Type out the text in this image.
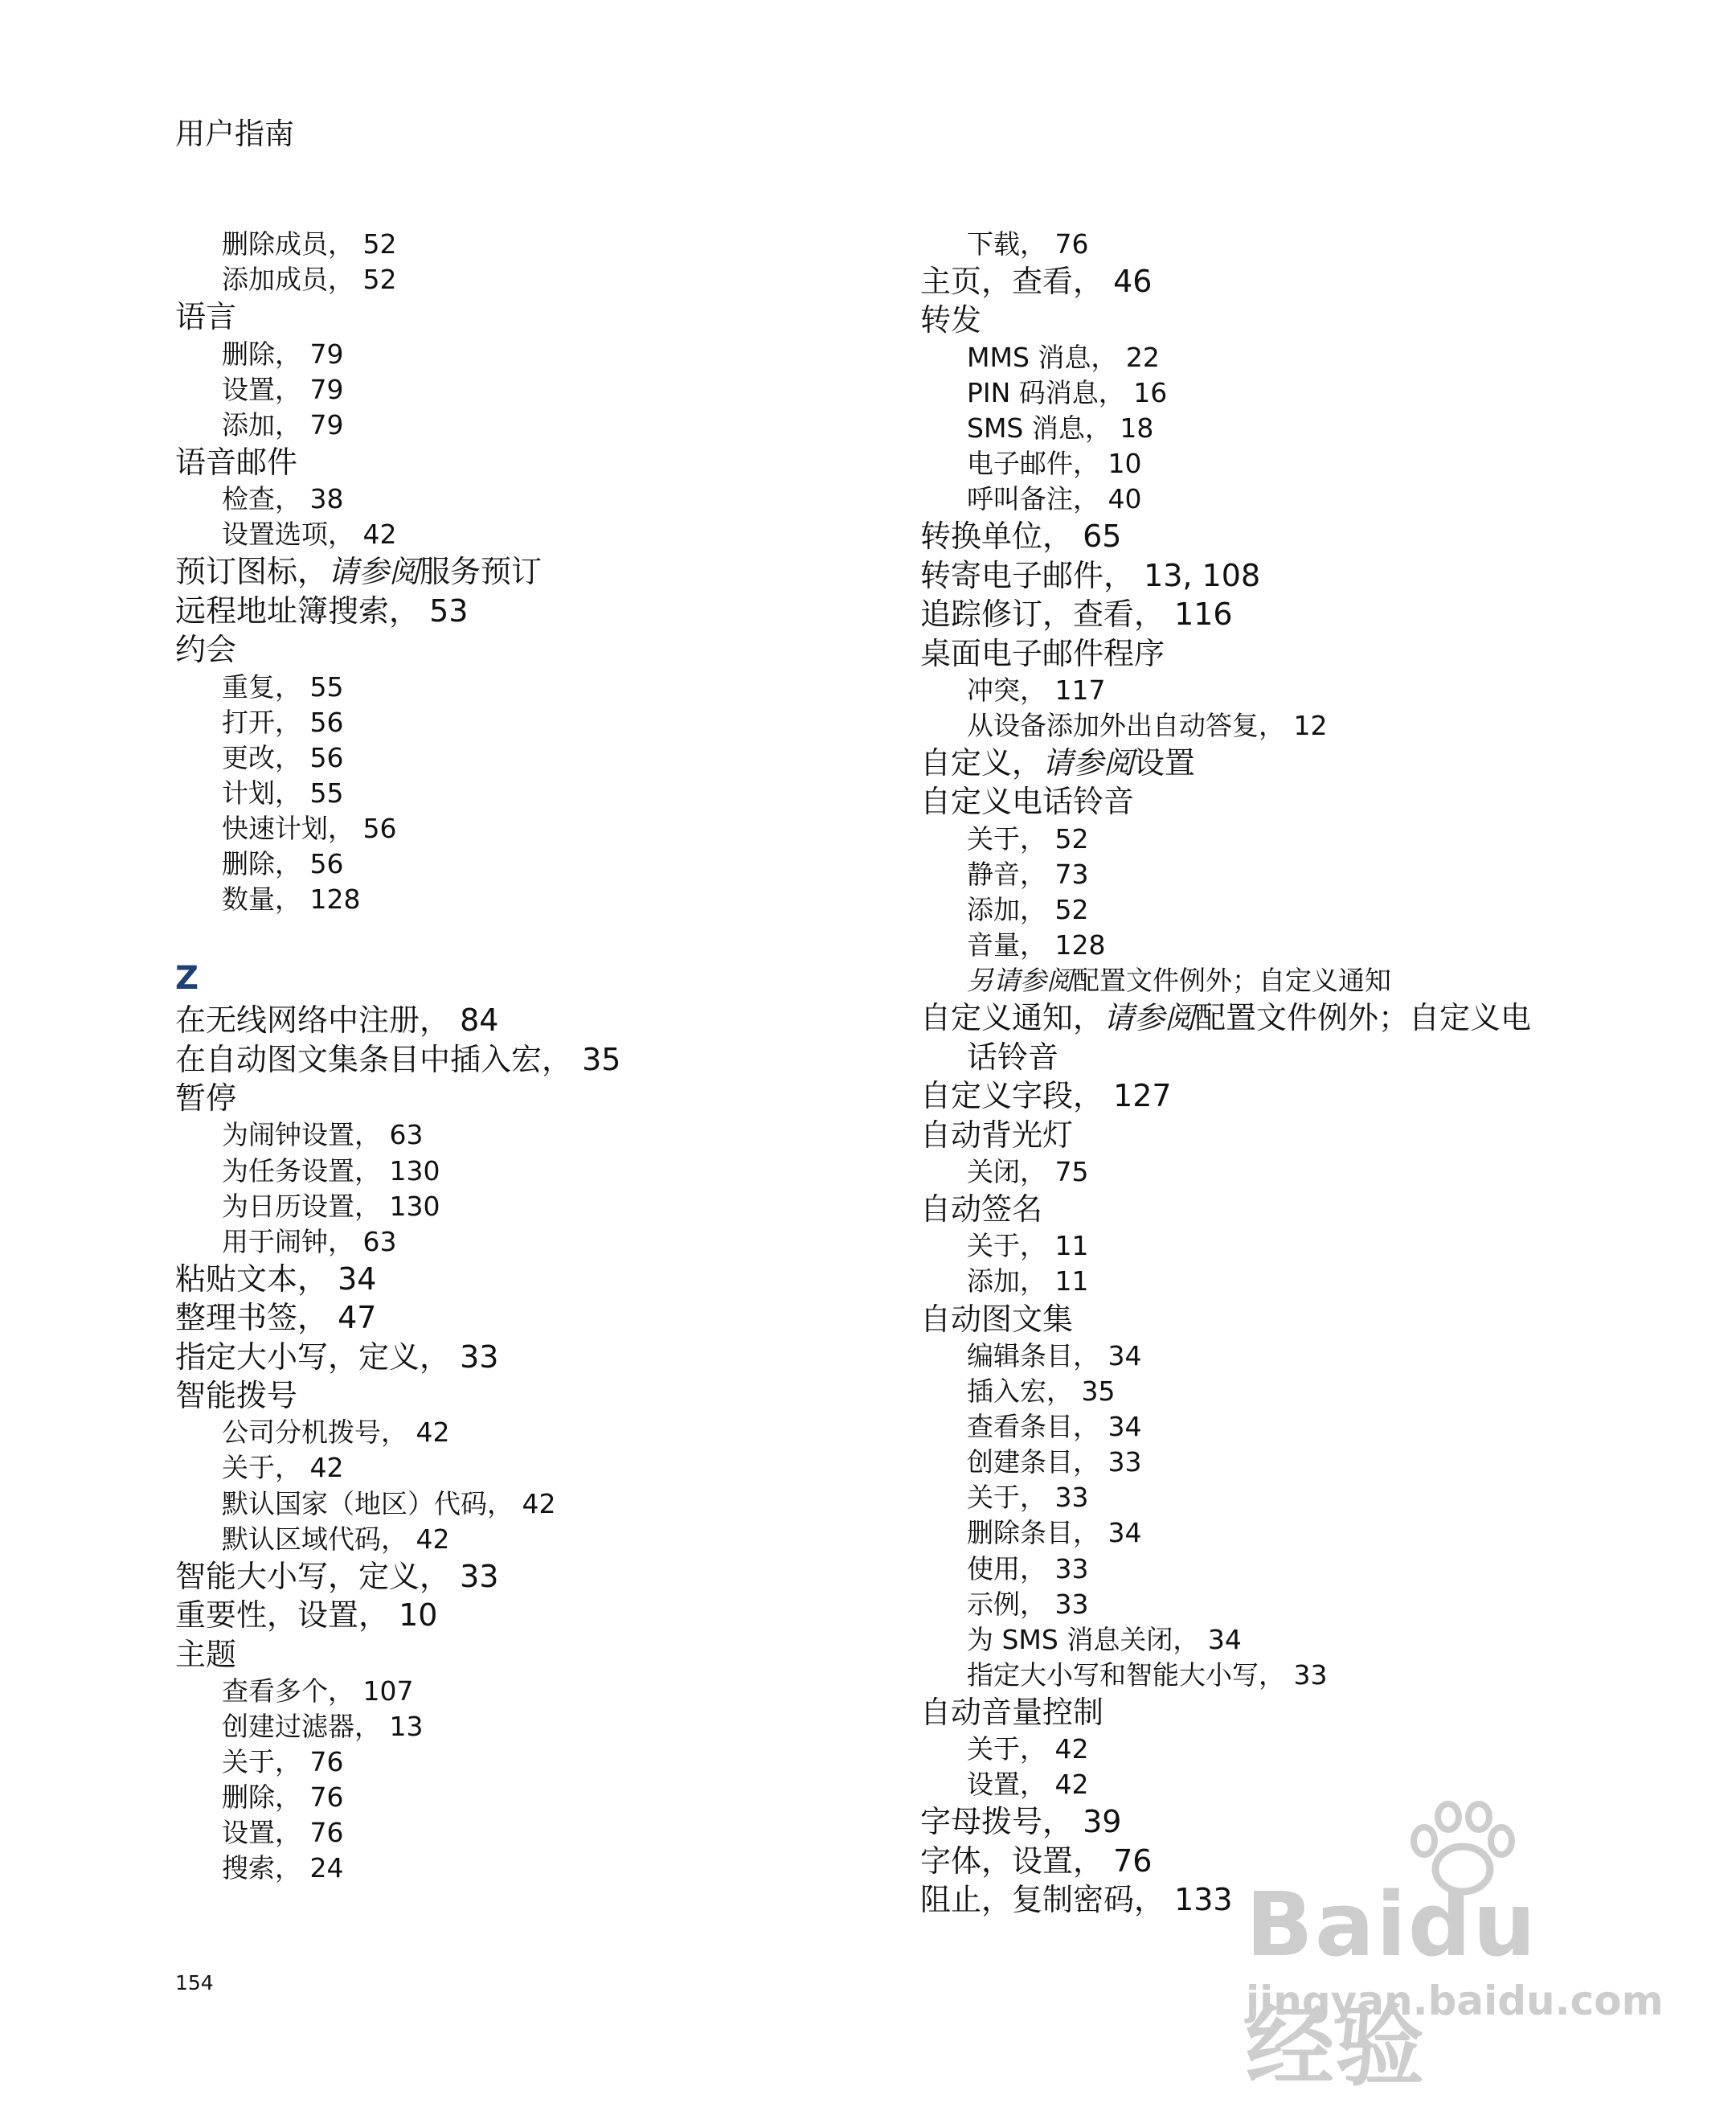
用户指南
删除成员， 52
添加成员， 52
语言
删除， 79
设置， 79
添加， 79
语音邮件
检查， 38
设置选项， 42
预订图标，请参阅服务预订
远程地址簿搜索， 53
约会
重复， 55
打开， 56
更改， 56
计划， 55
快速计划， 56
删除， 56
数量， 128
Z
在无线网络中注册， 84
在自动图文集条目中插入宏， 35
暂停
为闹钟设置， 63
为任务设置， 130
为日历设置， 130
用于闹钟， 63
粘贴文本， 34
整理书签， 47
指定大小写，定义， 33
智能拨号
公司分机拨号， 42
关于， 42
默认国家（地区）代码， 42
默认区域代码， 42
智能大小写，定义， 33
重要性，设置， 10
主题
查看多个， 107
创建过滤器， 13
关于， 76
删除， 76
设置， 76
搜索， 24
下载， 76
主页，查看， 46
转发
MMS 消息， 22
PIN 码消息， 16
SMS 消息， 18
电子邮件， 10
呼叫备注， 40
转换单位， 65
转寄电子邮件， 13, 108
追踪修订，查看， 116
桌面电子邮件程序
冲突， 117
从设备添加外出自动答复， 12
自定义，请参阅设置
自定义电话铃音
关于， 52
静音， 73
添加， 52
音量， 128
另请参阅配置文件例外；自定义通知
自定义通知，请参阅配置文件例外；自定义电
话铃音
自定义字段， 127
自动背光灯
关闭， 75
自动签名
关于， 11
添加， 11
自动图文集
编辑条目， 34
插入宏， 35
查看条目， 34
创建条目， 33
关于， 33
删除条目， 34
使用， 33
示例， 33
为 SMS 消息关闭， 34
指定大小写和智能大小写， 33
自动音量控制
关于， 42
设置， 42
字母拨号， 39
字体，设置， 76
阻止，复制密码， 133
154
Baidu 经验
jingyan.baidu.com
